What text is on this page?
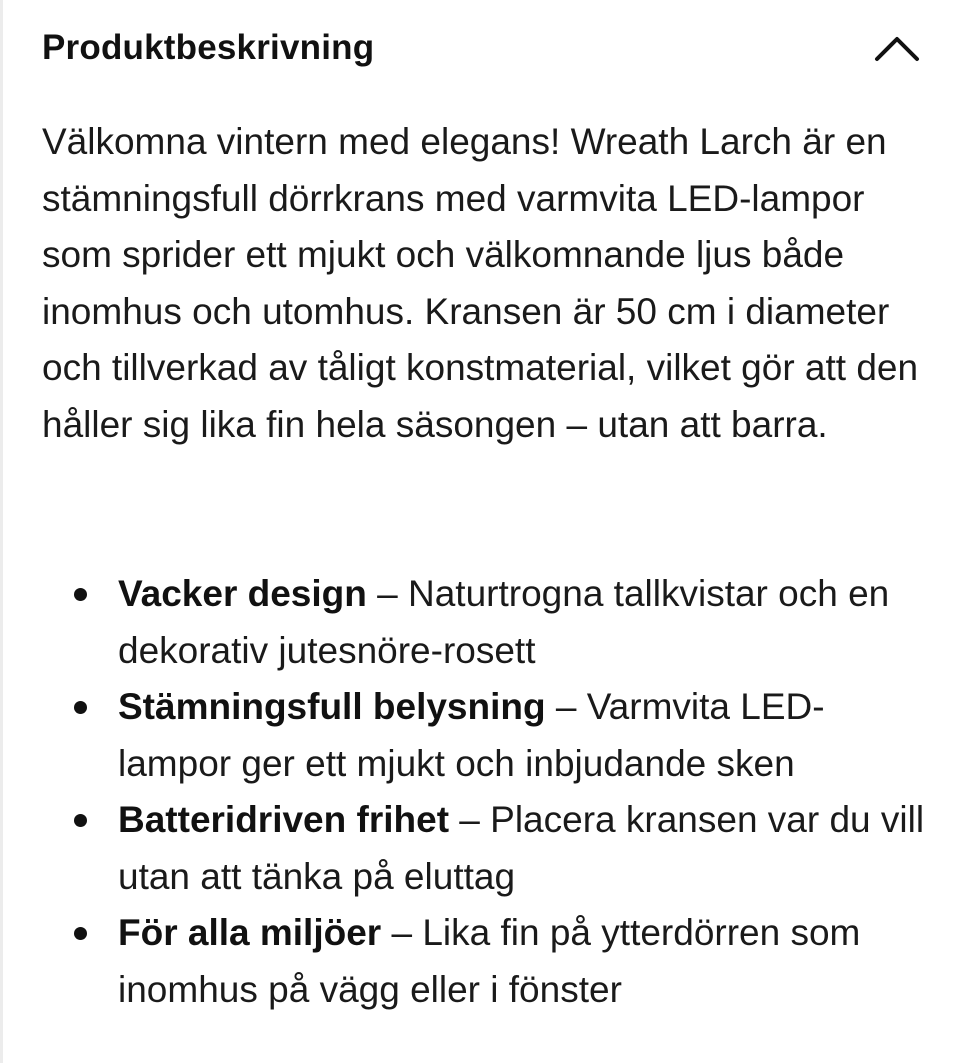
Produktbeskrivning

Välkomna vintern med elegans! Wreath Larch är en stämningsfull dörrkrans med varmvita LED-lampor som sprider ett mjukt och välkomnande ljus både inomhus och utomhus. Kransen är 50 cm i diameter och tillverkad av tåligt konstmaterial, vilket gör att den håller sig lika fin hela säsongen – utan att barra.

Vacker design – Naturtrogna tallkvistar och en dekorativ jutesnöre-rosett
Stämningsfull belysning – Varmvita LED-lampor ger ett mjukt och inbjudande sken
Batteridriven frihet – Placera kransen var du vill utan att tänka på eluttag
För alla miljöer – Lika fin på ytterdörren som inomhus på vägg eller i fönster
